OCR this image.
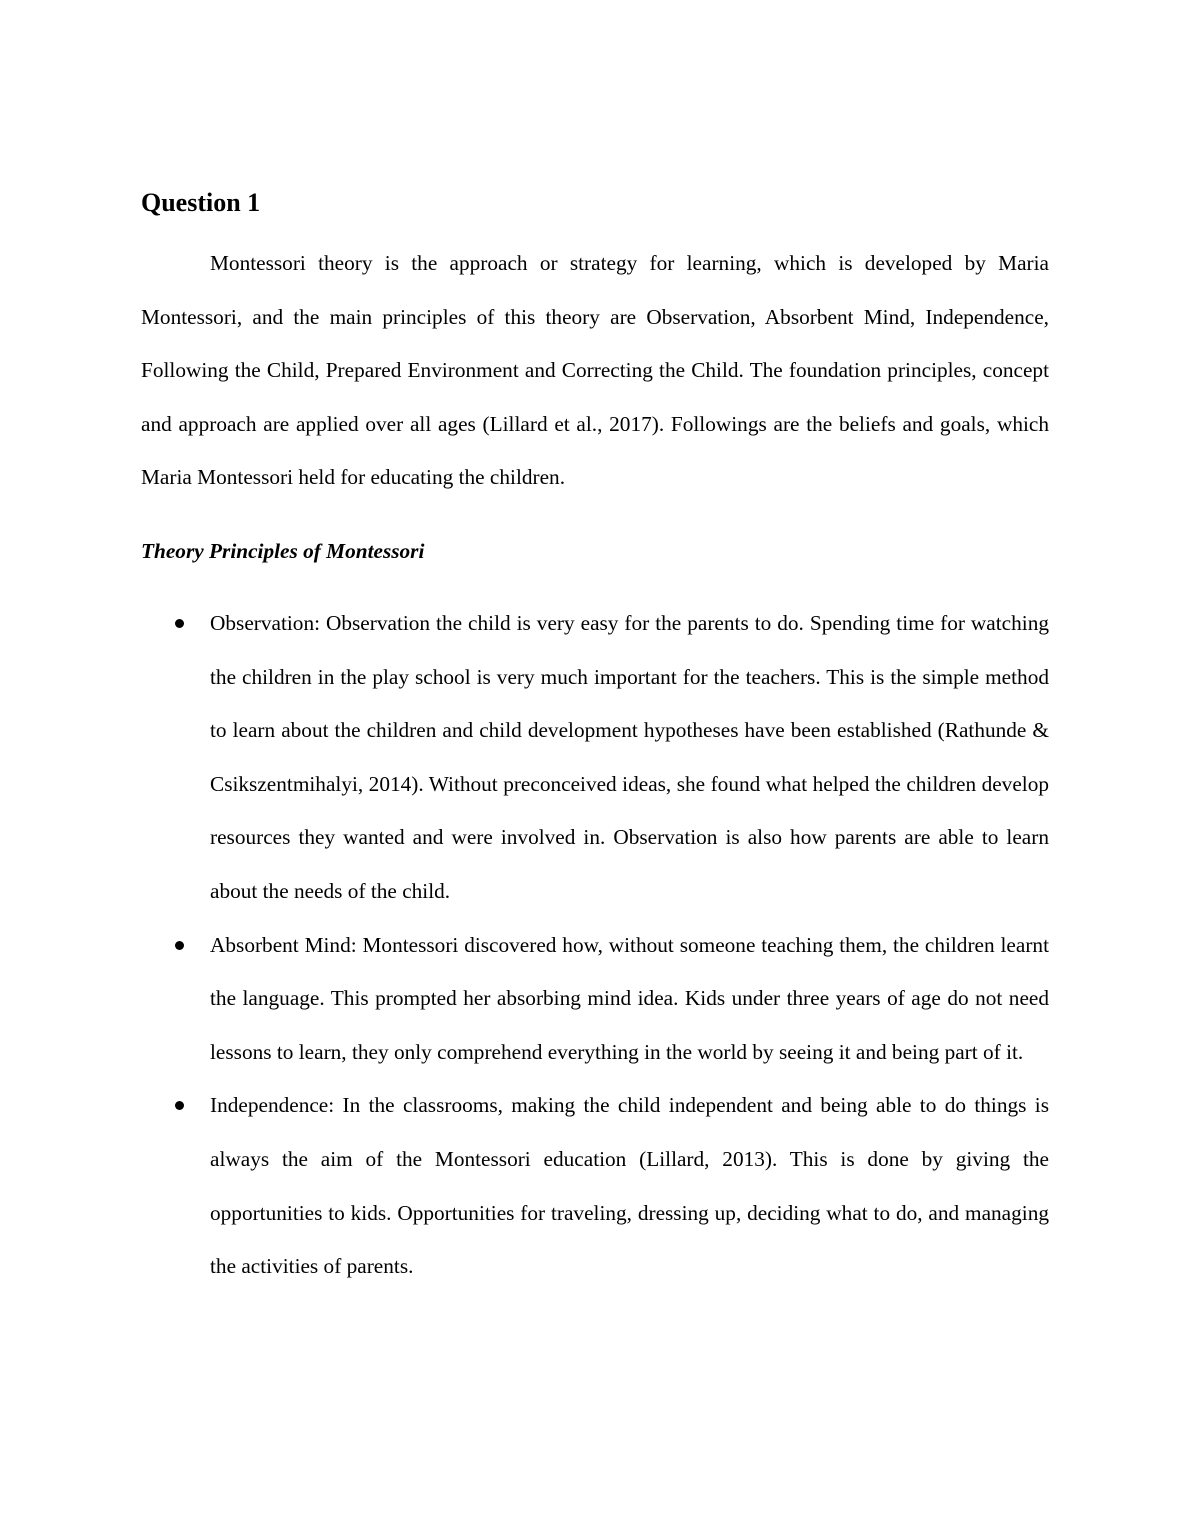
Question 1

Montessori theory is the approach or strategy for learning, which is developed by Maria Montessori, and the main principles of this theory are Observation, Absorbent Mind, Independence, Following the Child, Prepared Environment and Correcting the Child. The foundation principles, concept and approach are applied over all ages (Lillard et al., 2017). Followings are the beliefs and goals, which Maria Montessori held for educating the children.

Theory Principles of Montessori

Observation: Observation the child is very easy for the parents to do. Spending time for watching the children in the play school is very much important for the teachers. This is the simple method to learn about the children and child development hypotheses have been established (Rathunde & Csikszentmihalyi, 2014). Without preconceived ideas, she found what helped the children develop resources they wanted and were involved in. Observation is also how parents are able to learn about the needs of the child.

Absorbent Mind: Montessori discovered how, without someone teaching them, the children learnt the language. This prompted her absorbing mind idea. Kids under three years of age do not need lessons to learn, they only comprehend everything in the world by seeing it and being part of it.

Independence: In the classrooms, making the child independent and being able to do things is always the aim of the Montessori education (Lillard, 2013). This is done by giving the opportunities to kids. Opportunities for traveling, dressing up, deciding what to do, and managing the activities of parents.
